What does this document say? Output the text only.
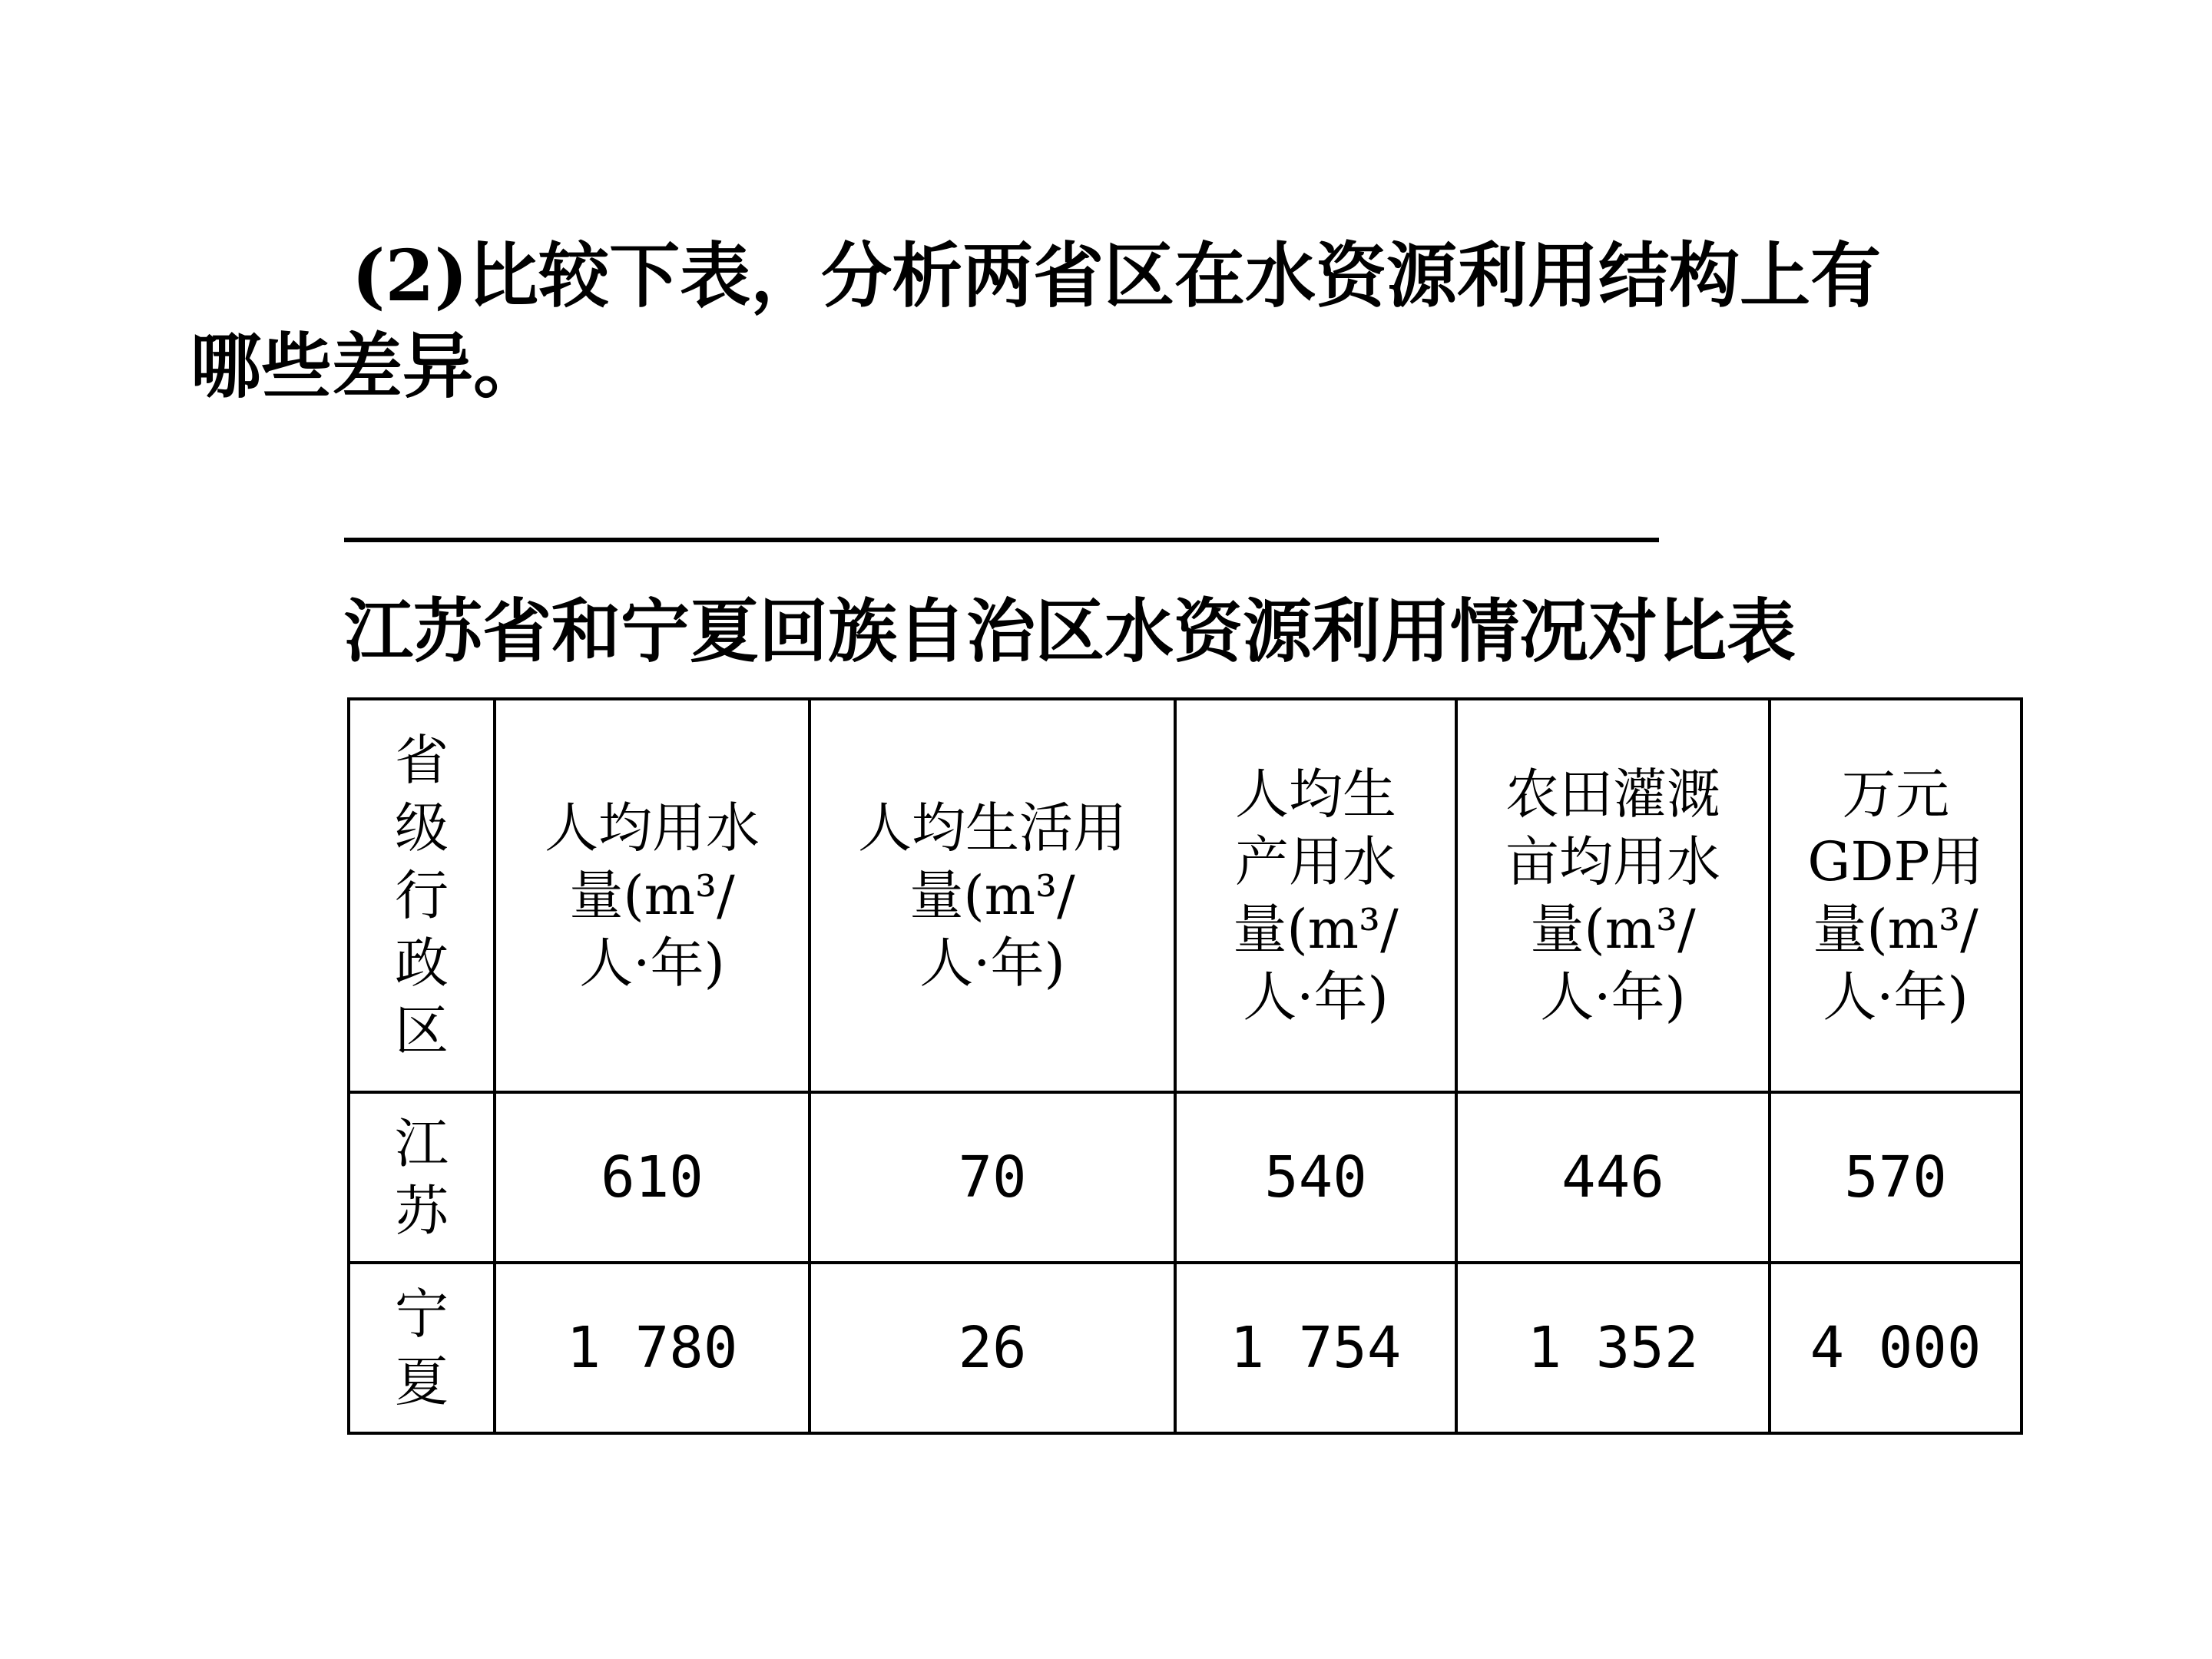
(2)比较下表，分析两省区在水资源利用结构上有
哪些差异。
江苏省和宁夏回族自治区水资源利用情况对比表
省级行政区	人均用水
量(m³/
人·年)	人均生活用
量(m³/
人·年)	人均生
产用水
量(m³/
人·年)	农田灌溉
亩均用水
量(m³/
人·年)	万元
GDP用
量(m³/
人·年)

江苏	610	70	540	446	570

宁夏	1 780	26	1 754	1 352	4 000
